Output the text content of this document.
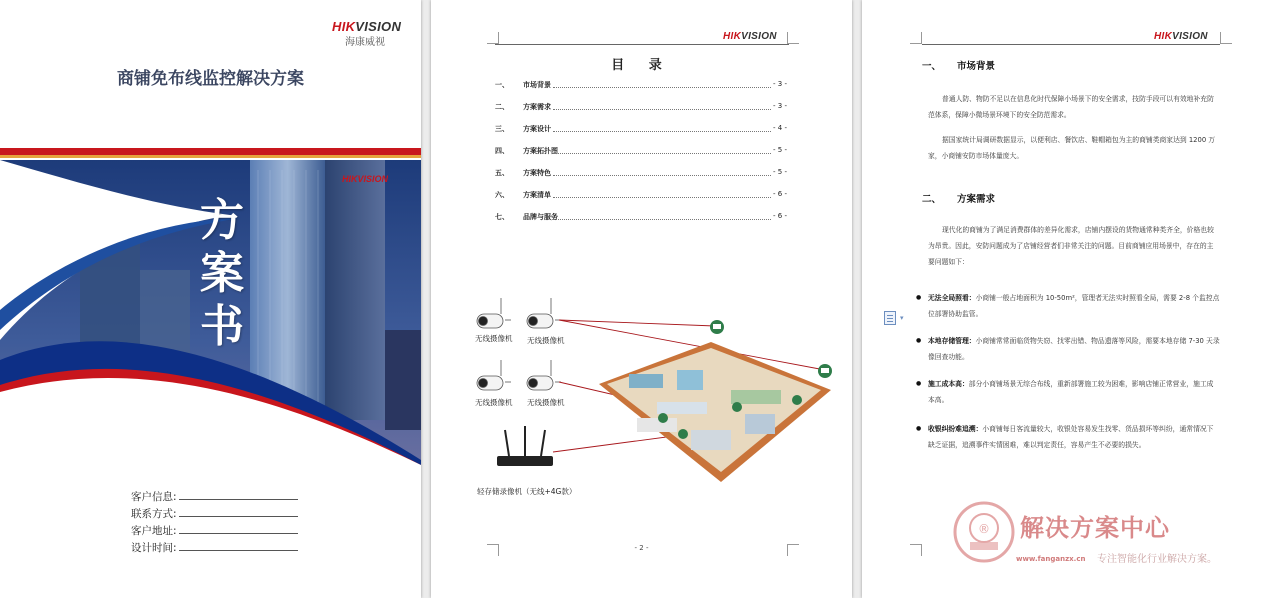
HIKVISION
海康威视
商铺免布线监控解决方案
HIKVISION
方
案
书
客户信息:
联系方式:
客户地址:
设计时间:
HIKVISION
目 录
一、 市场背景	- 3 -
二、 方案需求	- 3 -
三、 方案设计	- 4 -
四、 方案拓扑图	- 5 -
五、 方案特色	- 5 -
六、 方案清单	- 6 -
七、 品牌与服务	- 6 -
无线摄像机 无线摄像机
无线摄像机 无线摄像机
轻存储录像机（无线+4G款）
- 2 -
HIKVISION
一、 市场背景
普通人防、物防不足以在信息化时代保障小场景下的安全需求，技防手段可以有效地补充防范体系，保障小微场景环境下的安全防范需求。
据国家统计局调研数据显示，以便利店、餐饮店、鞋帽箱包为主的商铺类商家达到 1200 万家，小商铺安防市场体量庞大。
二、 方案需求
现代化的商铺为了满足消费群体的差异化需求，店铺内摆设的货物通常种类齐全，价格也较为昂贵。因此，安防问题成为了店铺经营者们非常关注的问题。目前商铺应用场景中，存在的主要问题如下：
● 无法全局照看：小商铺一般占地面积为 10-50m²，管理者无法实时照看全局，需要 2-8 个监控点位部署协助监管。
● 本地存储管理：小商铺常常面临货物失窃、找零出错、物品遗落等风险，需要本地存储 7-30 天录像回查功能。
● 施工成本高：部分小商铺场景无综合布线，重新部署施工较为困难，影响店铺正常营业，施工成本高。
● 收银纠纷难追溯：小商铺每日客流量较大，收银处容易发生找零、货品损坏等纠纷，通常情况下缺乏证据，追溯事件实情困难，难以判定责任，容易产生不必要的损失。
▾
® 解决方案中心
www.fanganzx.cn 专注智能化行业解决方案。
